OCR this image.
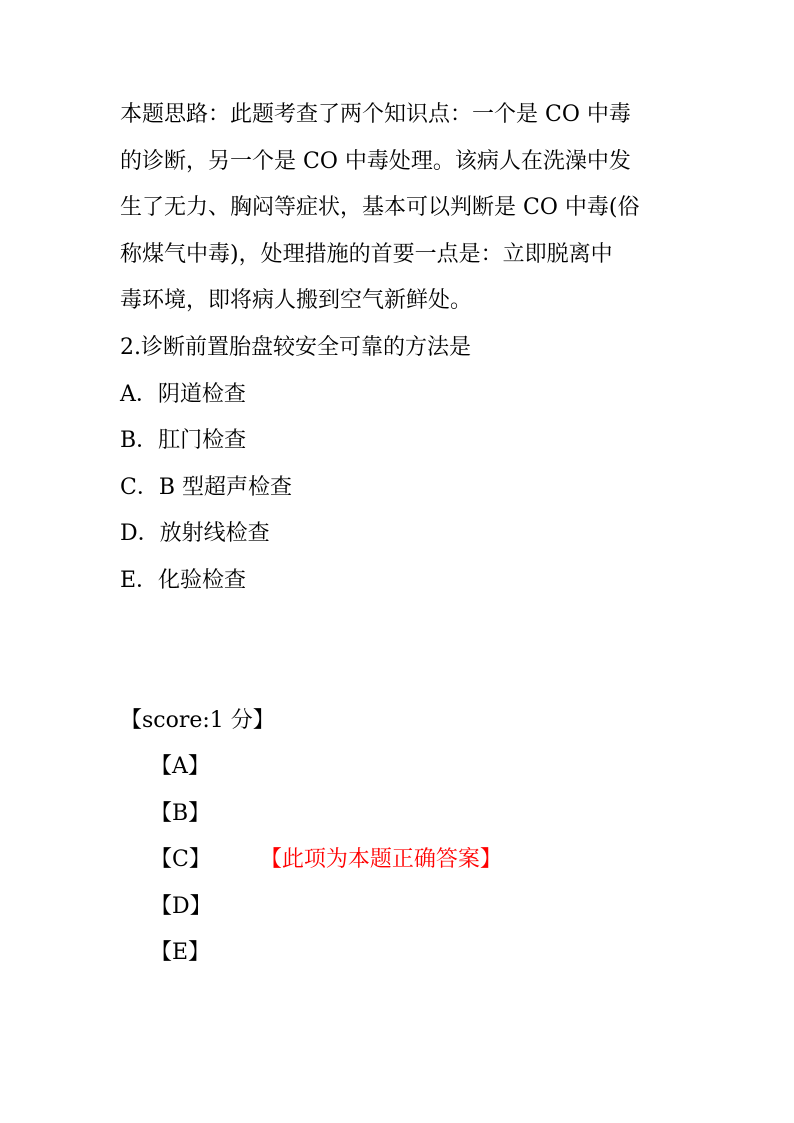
本题思路：此题考查了两个知识点：一个是 CO 中毒
的诊断，另一个是 CO 中毒处理。该病人在洗澡中发
生了无力、胸闷等症状，基本可以判断是 CO 中毒(俗
称煤气中毒)，处理措施的首要一点是：立即脱离中
毒环境，即将病人搬到空气新鲜处。
2.诊断前置胎盘较安全可靠的方法是
A．阴道检查
B．肛门检查
C．B 型超声检查
D．放射线检查
E．化验检查
【score:1 分】
【A】
【B】
【C】 【此项为本题正确答案】
【D】
【E】
